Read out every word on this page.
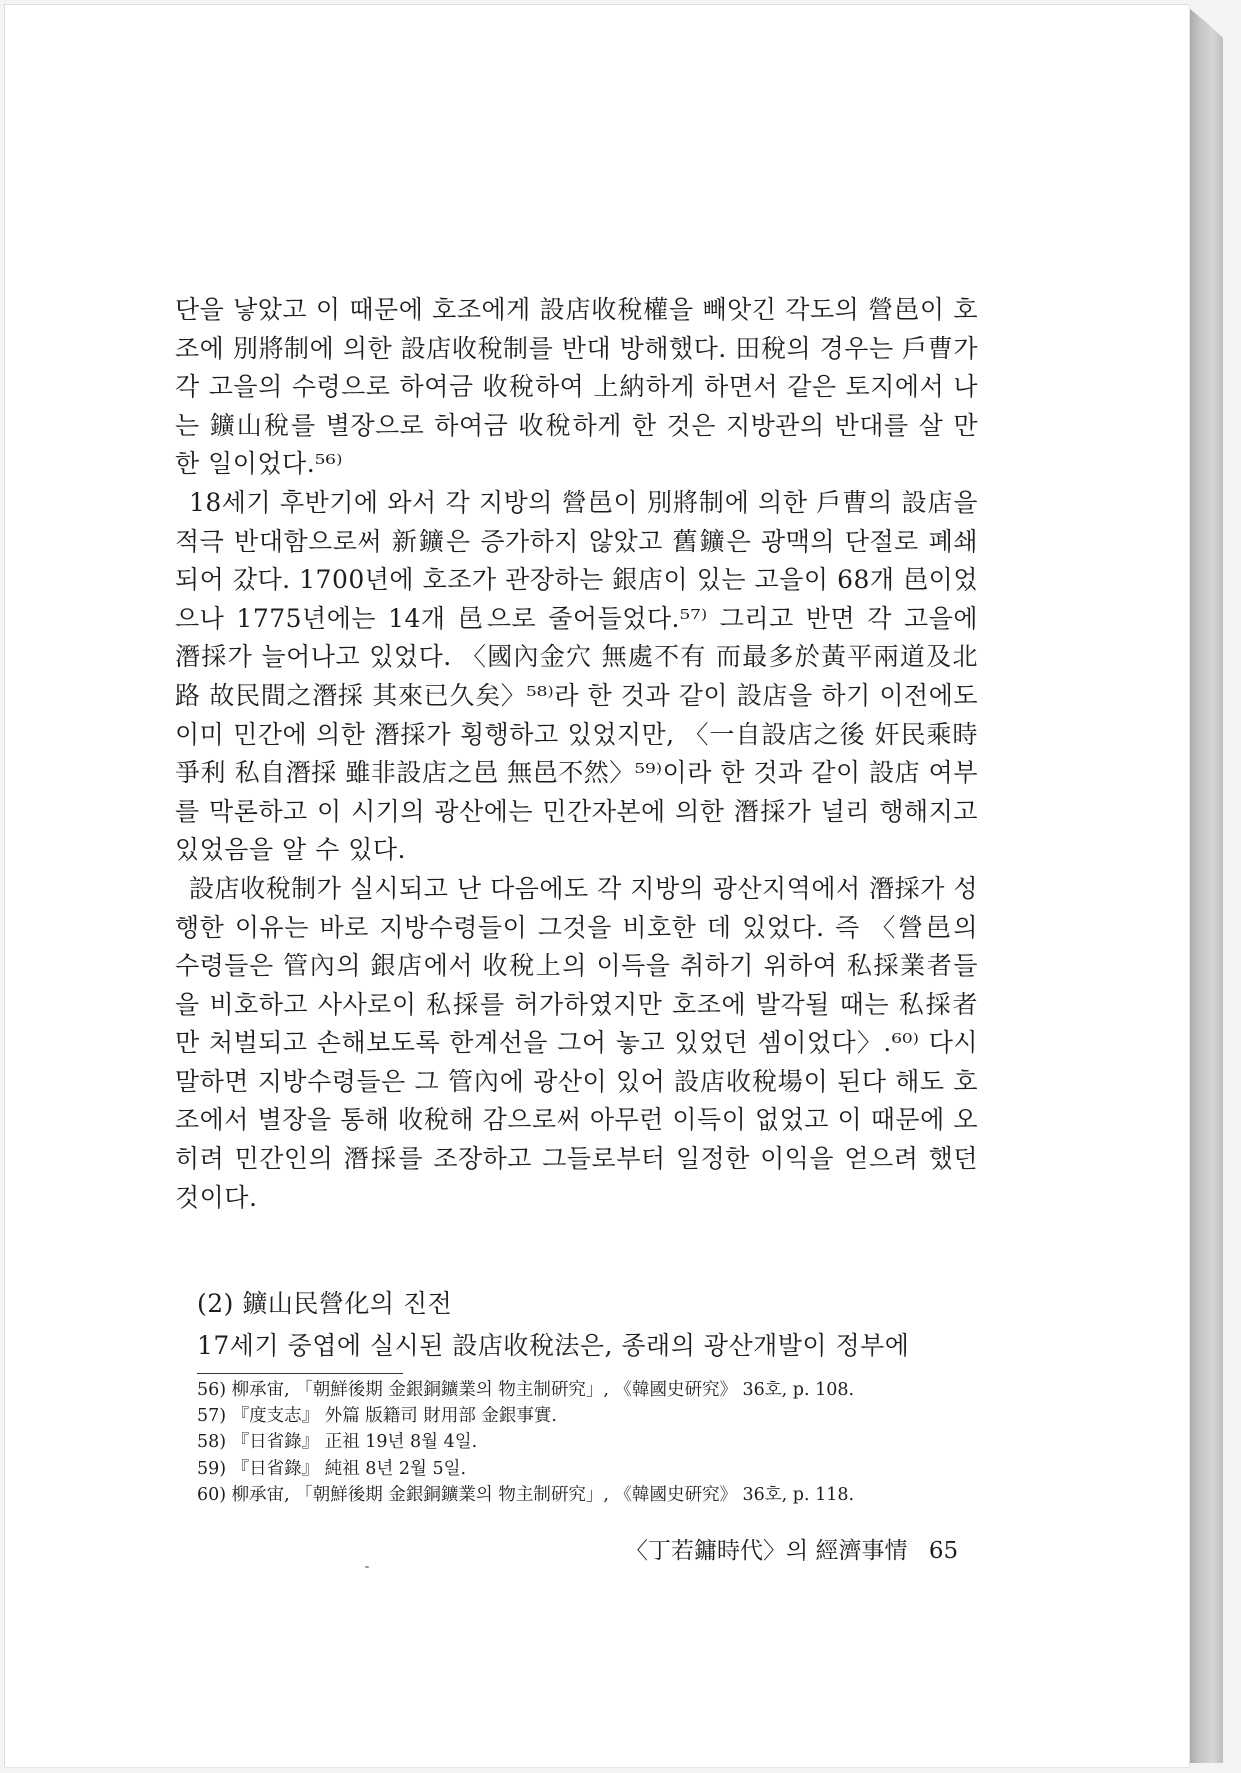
단을 낳았고 이 때문에 호조에게 設店收稅權을 빼앗긴 각도의 營邑이 호조에 別將制에 의한 設店收稅制를 반대 방해했다. 田稅의 경우는 戶曹가 각 고을의 수령으로 하여금 收稅하여 上納하게 하면서 같은 토지에서 나는 鑛山稅를 별장으로 하여금 收稅하게 한 것은 지방관의 반대를 살 만한 일이었다.⁵⁶⁾

18세기 후반기에 와서 각 지방의 營邑이 別將制에 의한 戶曹의 設店을 적극 반대함으로써 新鑛은 증가하지 않았고 舊鑛은 광맥의 단절로 폐쇄되어 갔다. 1700년에 호조가 관장하는 銀店이 있는 고을이 68개 邑이었으나 1775년에는 14개 邑으로 줄어들었다.⁵⁷⁾ 그리고 반면 각 고을에 潛採가 늘어나고 있었다. 〈國內金穴 無處不有 而最多於黃平兩道及北路 故民間之潛採 其來已久矣〉⁵⁸⁾라 한 것과 같이 設店을 하기 이전에도 이미 민간에 의한 潛採가 횡행하고 있었지만, 〈一自設店之後 奸民乘時爭利 私自潛採 雖非設店之邑 無邑不然〉⁵⁹⁾이라 한 것과 같이 設店 여부를 막론하고 이 시기의 광산에는 민간자본에 의한 潛採가 널리 행해지고 있었음을 알 수 있다.

設店收稅制가 실시되고 난 다음에도 각 지방의 광산지역에서 潛採가 성행한 이유는 바로 지방수령들이 그것을 비호한 데 있었다. 즉 〈營邑의 수령들은 管內의 銀店에서 收稅上의 이득을 취하기 위하여 私採業者들을 비호하고 사사로이 私採를 허가하였지만 호조에 발각될 때는 私採者만 처벌되고 손해보도록 한계선을 그어 놓고 있었던 셈이었다〉.⁶⁰⁾ 다시 말하면 지방수령들은 그 管內에 광산이 있어 設店收稅場이 된다 해도 호조에서 별장을 통해 收稅해 감으로써 아무런 이득이 없었고 이 때문에 오히려 민간인의 潛採를 조장하고 그들로부터 일정한 이익을 얻으려 했던 것이다.

(2) 鑛山民營化의 진전

17세기 중엽에 실시된 設店收稅法은, 종래의 광산개발이 정부에

56) 柳承宙, 「朝鮮後期 金銀銅鑛業의 物主制硏究」, 《韓國史硏究》 36호, p. 108.
57) 『度支志』 外篇 版籍司 財用部 金銀事實.
58) 『日省錄』 正祖 19년 8월 4일.
59) 『日省錄』 純祖 8년 2월 5일.
60) 柳承宙, 「朝鮮後期 金銀銅鑛業의 物主制硏究」, 《韓國史硏究》 36호, p. 118.
〈丁若鏞時代〉의 經濟事情 65
